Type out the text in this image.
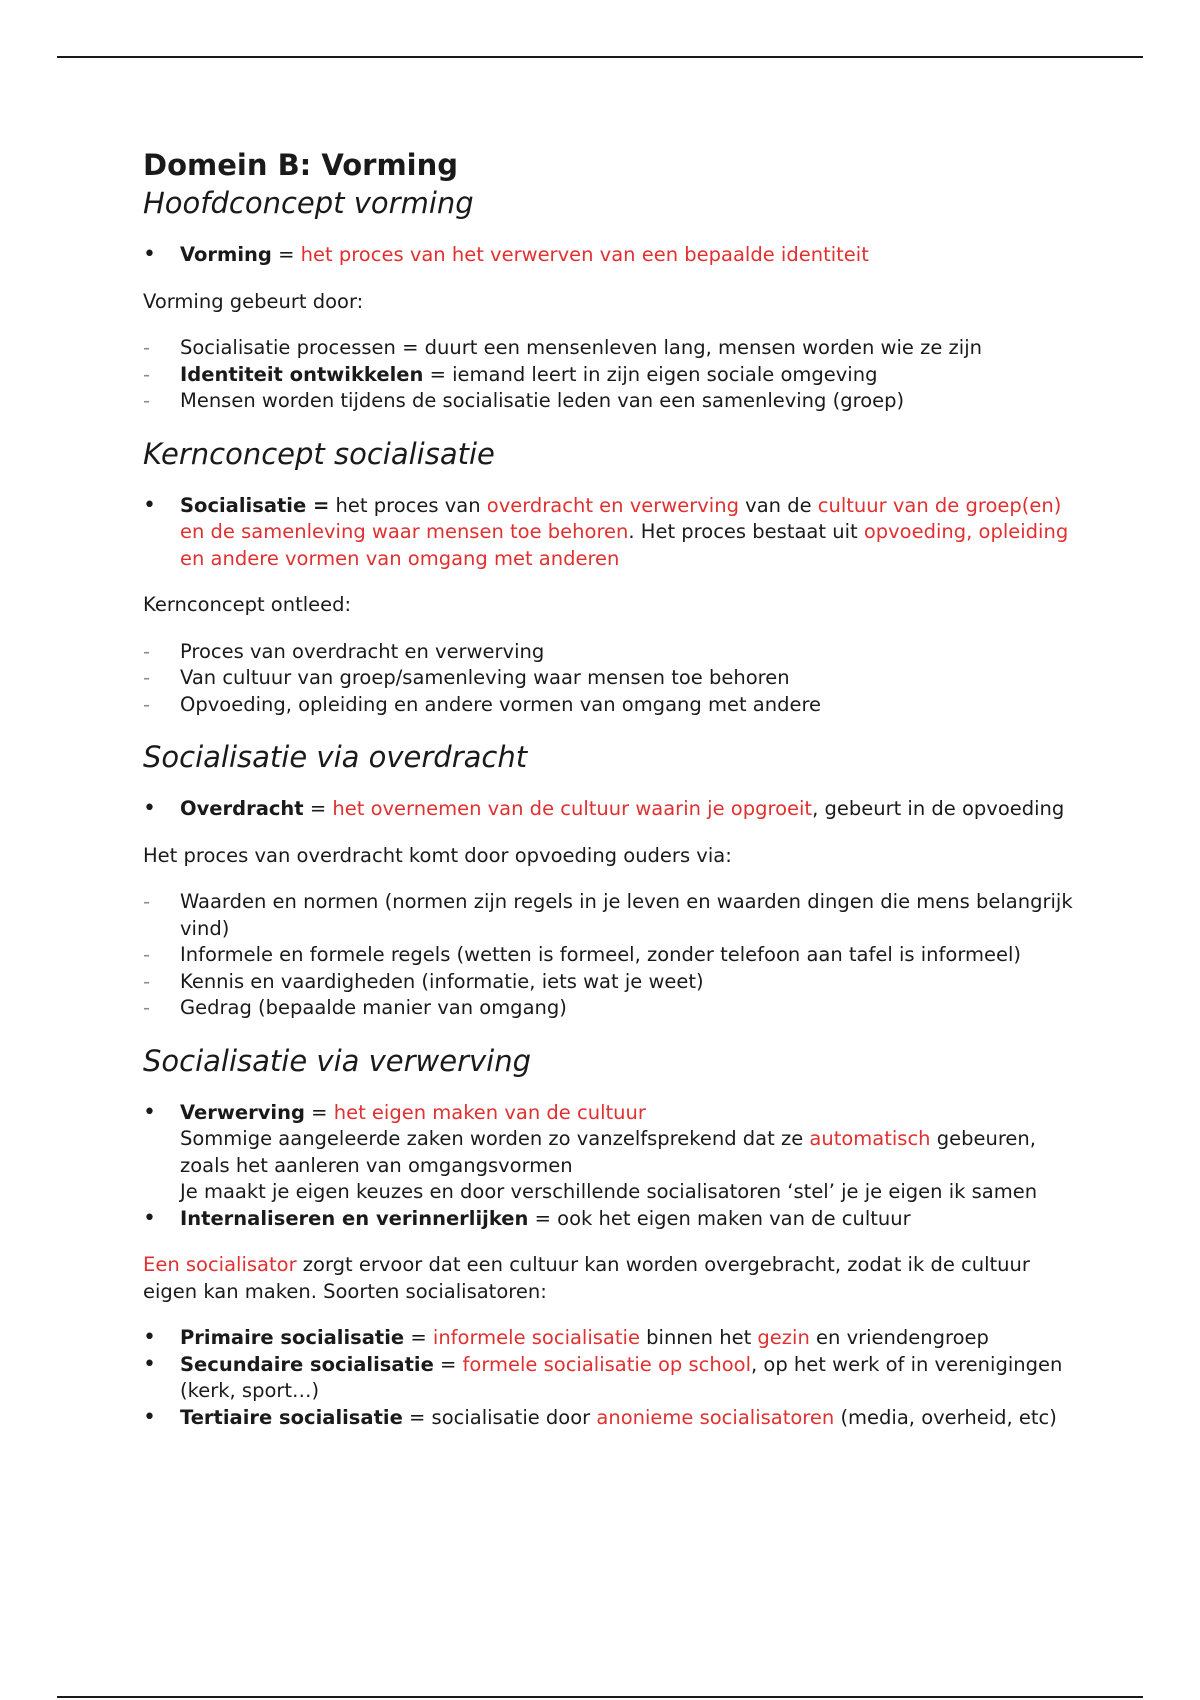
Domein B: Vorming
Hoofdconcept vorming
• Vorming = het proces van het verwerven van een bepaalde identiteit

Vorming gebeurt door:

- Socialisatie processen = duurt een mensenleven lang, mensen worden wie ze zijn
- Identiteit ontwikkelen = iemand leert in zijn eigen sociale omgeving
- Mensen worden tijdens de socialisatie leden van een samenleving (groep)
Kernconcept socialisatie
• Socialisatie = het proces van overdracht en verwerving van de cultuur van de groep(en) en de samenleving waar mensen toe behoren. Het proces bestaat uit opvoeding, opleiding en andere vormen van omgang met anderen

Kernconcept ontleed:

- Proces van overdracht en verwerving
- Van cultuur van groep/samenleving waar mensen toe behoren
- Opvoeding, opleiding en andere vormen van omgang met andere
Socialisatie via overdracht
• Overdracht = het overnemen van de cultuur waarin je opgroeit, gebeurt in de opvoeding

Het proces van overdracht komt door opvoeding ouders via:

- Waarden en normen (normen zijn regels in je leven en waarden dingen die mens belangrijk vind)
- Informele en formele regels (wetten is formeel, zonder telefoon aan tafel is informeel)
- Kennis en vaardigheden (informatie, iets wat je weet)
- Gedrag (bepaalde manier van omgang)
Socialisatie via verwerving
• Verwerving = het eigen maken van de cultuur
Sommige aangeleerde zaken worden zo vanzelfsprekend dat ze automatisch gebeuren, zoals het aanleren van omgangsvormen
Je maakt je eigen keuzes en door verschillende socialisatoren ‘stel’ je je eigen ik samen
• Internaliseren en verinnerlijken = ook het eigen maken van de cultuur

Een socialisator zorgt ervoor dat een cultuur kan worden overgebracht, zodat ik de cultuur eigen kan maken. Soorten socialisatoren:

• Primaire socialisatie = informele socialisatie binnen het gezin en vriendengroep
• Secundaire socialisatie = formele socialisatie op school, op het werk of in verenigingen (kerk, sport…)
• Tertiaire socialisatie = socialisatie door anonieme socialisatoren (media, overheid, etc)
